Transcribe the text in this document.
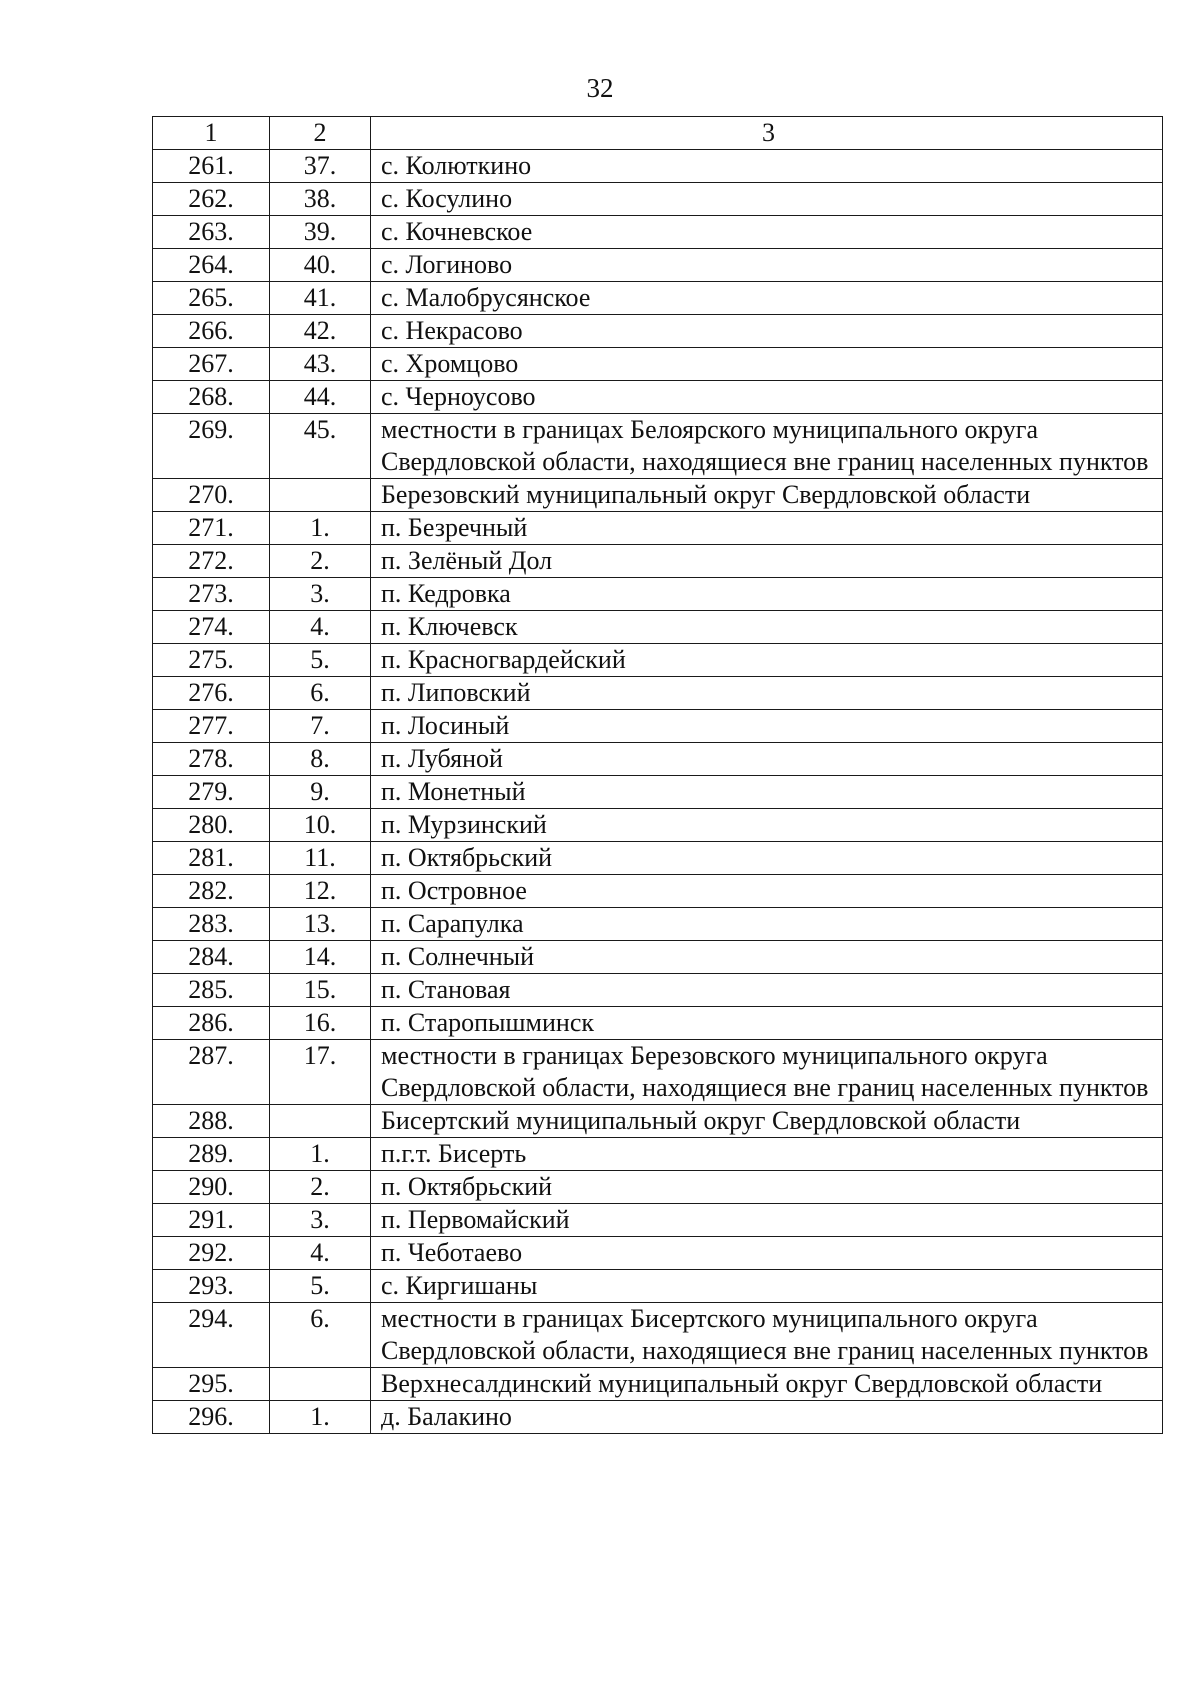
32
1	2	3
261.	37.	с. Колюткино
262.	38.	с. Косулино
263.	39.	с. Кочневское
264.	40.	с. Логиново
265.	41.	с. Малобрусянское
266.	42.	с. Некрасово
267.	43.	с. Хромцово
268.	44.	с. Черноусово
269.	45.	местности в границах Белоярского муниципального округа Свердловской области, находящиеся вне границ населенных пунктов
270.		Березовский муниципальный округ Свердловской области
271.	1.	п. Безречный
272.	2.	п. Зелёный Дол
273.	3.	п. Кедровка
274.	4.	п. Ключевск
275.	5.	п. Красногвардейский
276.	6.	п. Липовский
277.	7.	п. Лосиный
278.	8.	п. Лубяной
279.	9.	п. Монетный
280.	10.	п. Мурзинский
281.	11.	п. Октябрьский
282.	12.	п. Островное
283.	13.	п. Сарапулка
284.	14.	п. Солнечный
285.	15.	п. Становая
286.	16.	п. Старопышминск
287.	17.	местности в границах Березовского муниципального округа Свердловской области, находящиеся вне границ населенных пунктов
288.		Бисертский муниципальный округ Свердловской области
289.	1.	п.г.т. Бисерть
290.	2.	п. Октябрьский
291.	3.	п. Первомайский
292.	4.	п. Чеботаево
293.	5.	с. Киргишаны
294.	6.	местности в границах Бисертского муниципального округа Свердловской области, находящиеся вне границ населенных пунктов
295.		Верхнесалдинский муниципальный округ Свердловской области
296.	1.	д. Балакино
